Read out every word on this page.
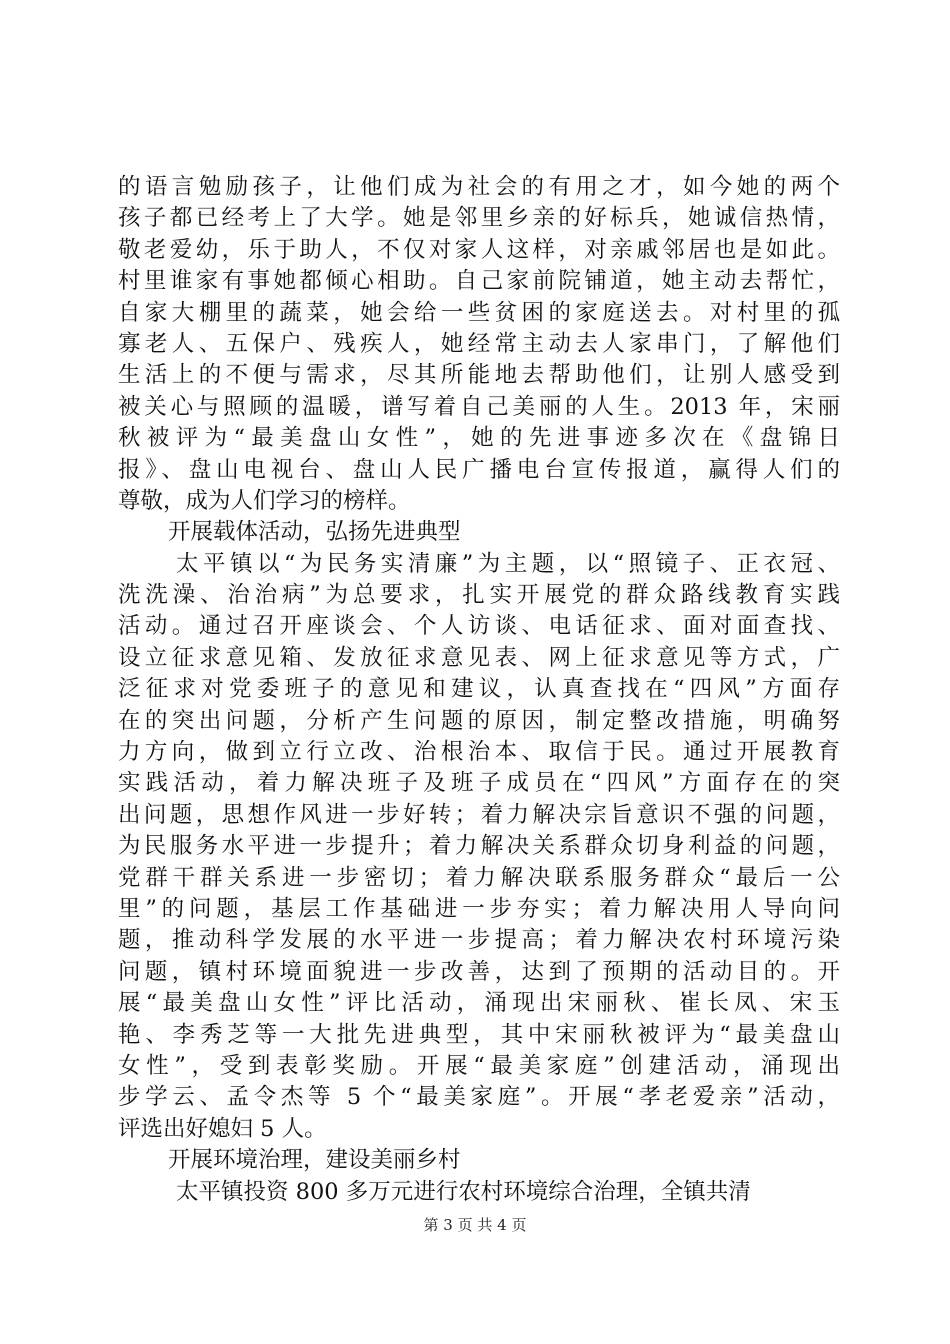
的语言勉励孩子，让他们成为社会的有用之才，如今她的两个
孩子都已经考上了大学。她是邻里乡亲的好标兵，她诚信热情，
敬老爱幼，乐于助人，不仅对家人这样，对亲戚邻居也是如此。
村里谁家有事她都倾心相助。自己家前院铺道，她主动去帮忙，
自家大棚里的蔬菜，她会给一些贫困的家庭送去。对村里的孤
寡老人、五保户、残疾人，她经常主动去人家串门，了解他们
生活上的不便与需求，尽其所能地去帮助他们，让别人感受到
被关心与照顾的温暖，谱写着自己美丽的人生。2013 年，宋丽
秋被评为“最美盘山女性”，她的先进事迹多次在《盘锦日
报》、盘山电视台、盘山人民广播电台宣传报道，赢得人们的
尊敬，成为人们学习的榜样。
开展载体活动，弘扬先进典型
太平镇以“为民务实清廉”为主题，以“照镜子、正衣冠、
洗洗澡、治治病”为总要求，扎实开展党的群众路线教育实践
活动。通过召开座谈会、个人访谈、电话征求、面对面查找、
设立征求意见箱、发放征求意见表、网上征求意见等方式，广
泛征求对党委班子的意见和建议，认真查找在“四风”方面存
在的突出问题，分析产生问题的原因，制定整改措施，明确努
力方向，做到立行立改、治根治本、取信于民。通过开展教育
实践活动，着力解决班子及班子成员在“四风”方面存在的突
出问题，思想作风进一步好转；着力解决宗旨意识不强的问题，
为民服务水平进一步提升；着力解决关系群众切身利益的问题，
党群干群关系进一步密切；着力解决联系服务群众“最后一公
里”的问题，基层工作基础进一步夯实；着力解决用人导向问
题，推动科学发展的水平进一步提高；着力解决农村环境污染
问题，镇村环境面貌进一步改善，达到了预期的活动目的。开
展“最美盘山女性”评比活动，涌现出宋丽秋、崔长凤、宋玉
艳、李秀芝等一大批先进典型，其中宋丽秋被评为“最美盘山
女性”，受到表彰奖励。开展“最美家庭”创建活动，涌现出
步学云、孟令杰等 5 个“最美家庭”。开展“孝老爱亲”活动，
评选出好媳妇 5 人。
开展环境治理，建设美丽乡村
太平镇投资 800 多万元进行农村环境综合治理，全镇共清
第 3 页 共 4 页
